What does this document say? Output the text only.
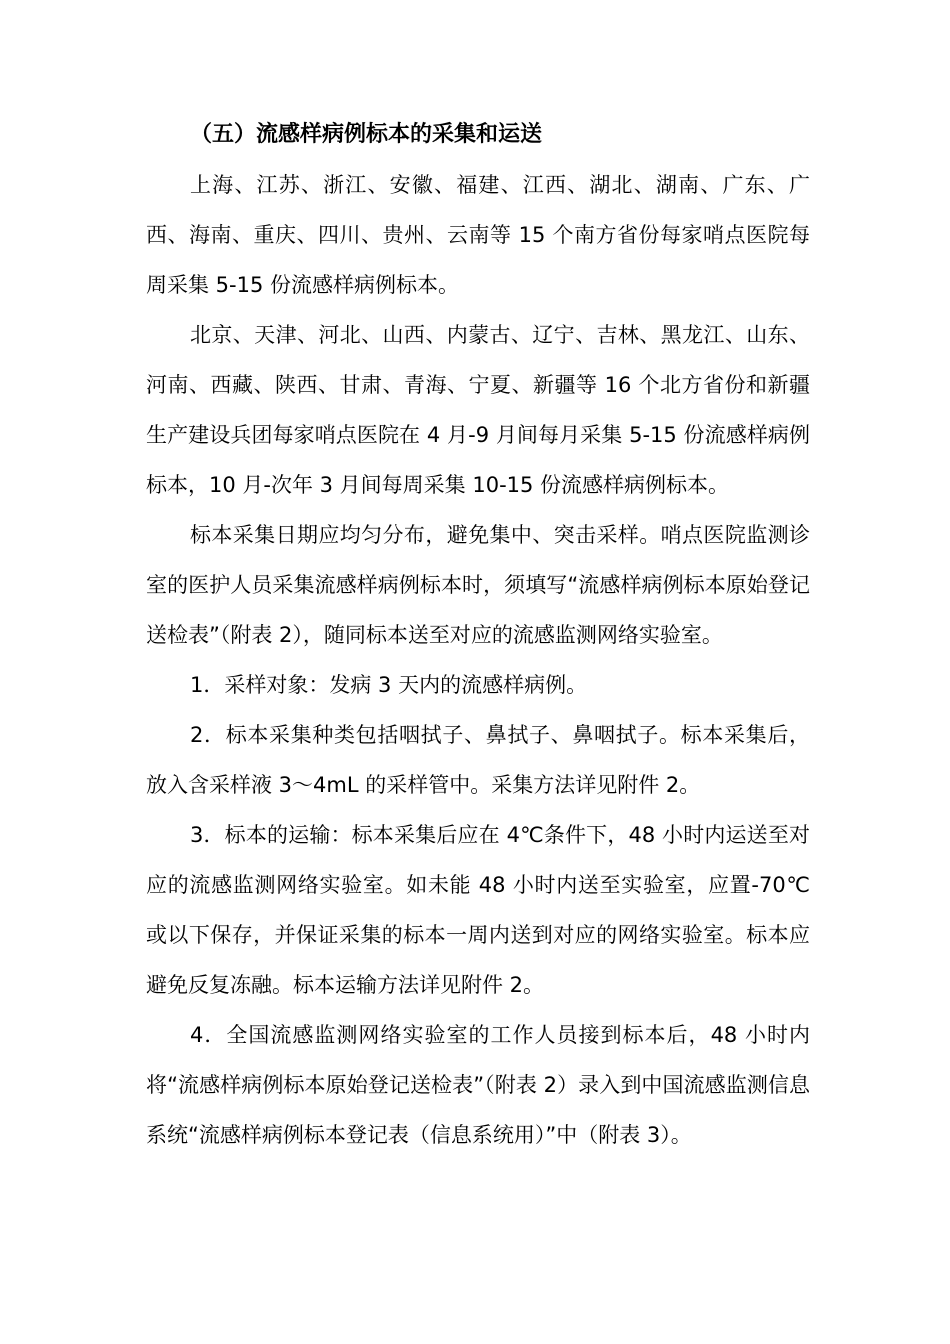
（五）流感样病例标本的采集和运送

上海、江苏、浙江、安徽、福建、江西、湖北、湖南、广东、广西、海南、重庆、四川、贵州、云南等 15 个南方省份每家哨点医院每周采集 5-15 份流感样病例标本。

北京、天津、河北、山西、内蒙古、辽宁、吉林、黑龙江、山东、河南、西藏、陕西、甘肃、青海、宁夏、新疆等 16 个北方省份和新疆生产建设兵团每家哨点医院在 4 月-9 月间每月采集 5-15 份流感样病例标本，10 月-次年 3 月间每周采集 10-15 份流感样病例标本。

标本采集日期应均匀分布，避免集中、突击采样。哨点医院监测诊室的医护人员采集流感样病例标本时，须填写“流感样病例标本原始登记送检表”（附表 2），随同标本送至对应的流感监测网络实验室。

1．采样对象：发病 3 天内的流感样病例。

2．标本采集种类包括咽拭子、鼻拭子、鼻咽拭子。标本采集后，放入含采样液 3～4mL 的采样管中。采集方法详见附件 2。

3．标本的运输：标本采集后应在 4℃条件下，48 小时内运送至对应的流感监测网络实验室。如未能 48 小时内送至实验室，应置-70℃或以下保存，并保证采集的标本一周内送到对应的网络实验室。标本应避免反复冻融。标本运输方法详见附件 2。

4．全国流感监测网络实验室的工作人员接到标本后，48 小时内将“流感样病例标本原始登记送检表”（附表 2）录入到中国流感监测信息系统“流感样病例标本登记表（信息系统用）”中（附表 3）。
